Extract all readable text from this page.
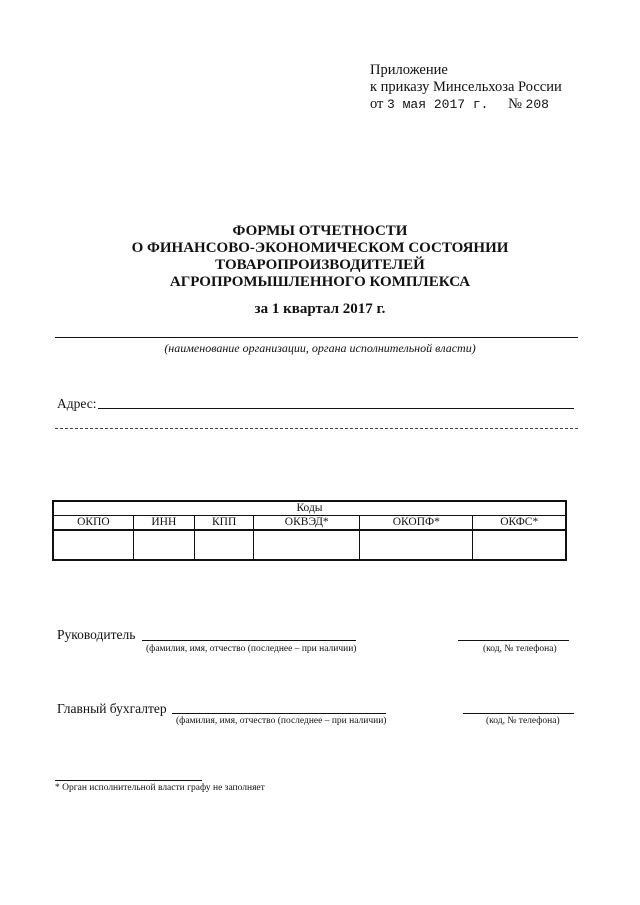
Приложение
к приказу Минсельхоза России
от 3 мая 2017 г. № 208
ФОРМЫ ОТЧЕТНОСТИ
О ФИНАНСОВО-ЭКОНОМИЧЕСКОМ СОСТОЯНИИ
ТОВАРОПРОИЗВОДИТЕЛЕЙ
АГРОПРОМЫШЛЕННОГО КОМПЛЕКСА
за 1 квартал 2017 г.
(наименование организации, органа исполнительной власти)
Адрес:
Коды					
ОКПО	ИНН	КПП	ОКВЭД*	ОКОПФ*	ОКФС*

Руководитель
(фамилия, имя, отчество (последнее – при наличии)	(код, № телефона)
Главный бухгалтер
(фамилия, имя, отчество (последнее – при наличии)	(код, № телефона)
* Орган исполнительной власти графу не заполняет
